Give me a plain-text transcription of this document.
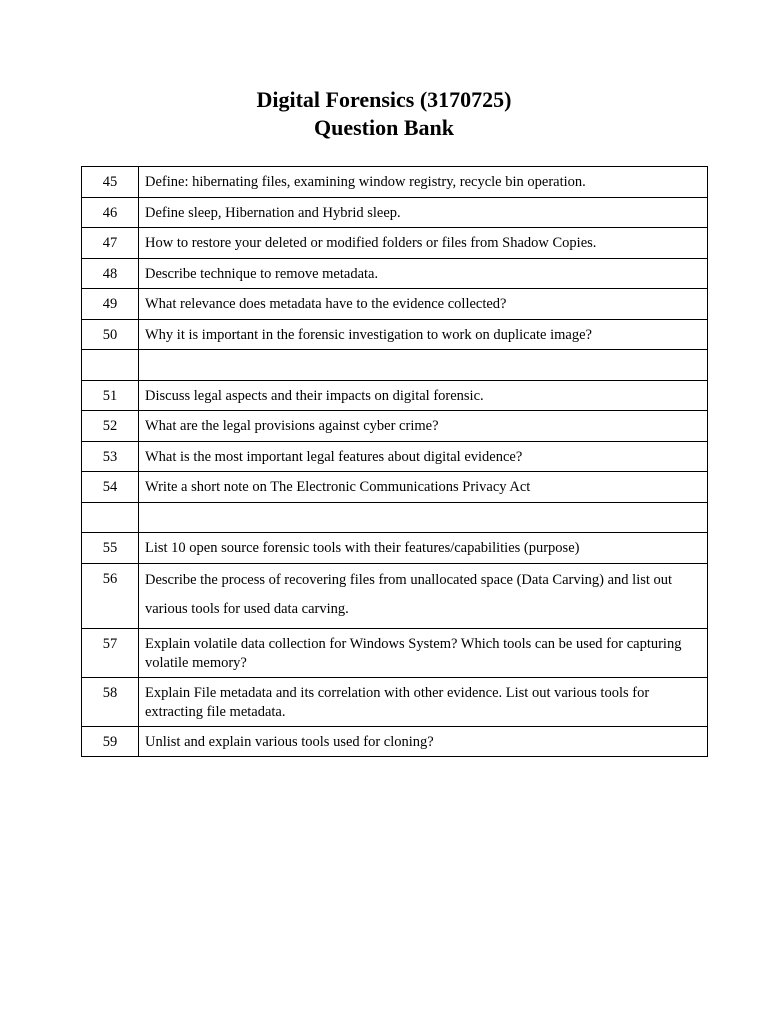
Digital Forensics (3170725)

Question Bank

45	Define: hibernating files, examining window registry, recycle bin operation.
46	Define sleep, Hibernation and Hybrid sleep.
47	How to restore your deleted or modified folders or files from Shadow Copies.
48	Describe technique to remove metadata.
49	What relevance does metadata have to the evidence collected?
50	Why it is important in the forensic investigation to work on duplicate image?

51	Discuss legal aspects and their impacts on digital forensic.
52	What are the legal provisions against cyber crime?
53	What is the most important legal features about digital evidence?
54	Write a short note on The Electronic Communications Privacy Act

55	List 10 open source forensic tools with their features/capabilities (purpose)
56	Describe the process of recovering files from unallocated space (Data Carving) and list out various tools for used data carving.
57	Explain volatile data collection for Windows System? Which tools can be used for capturing volatile memory?
58	Explain File metadata and its correlation with other evidence. List out various tools for extracting file metadata.
59	Unlist and explain various tools used for cloning?
